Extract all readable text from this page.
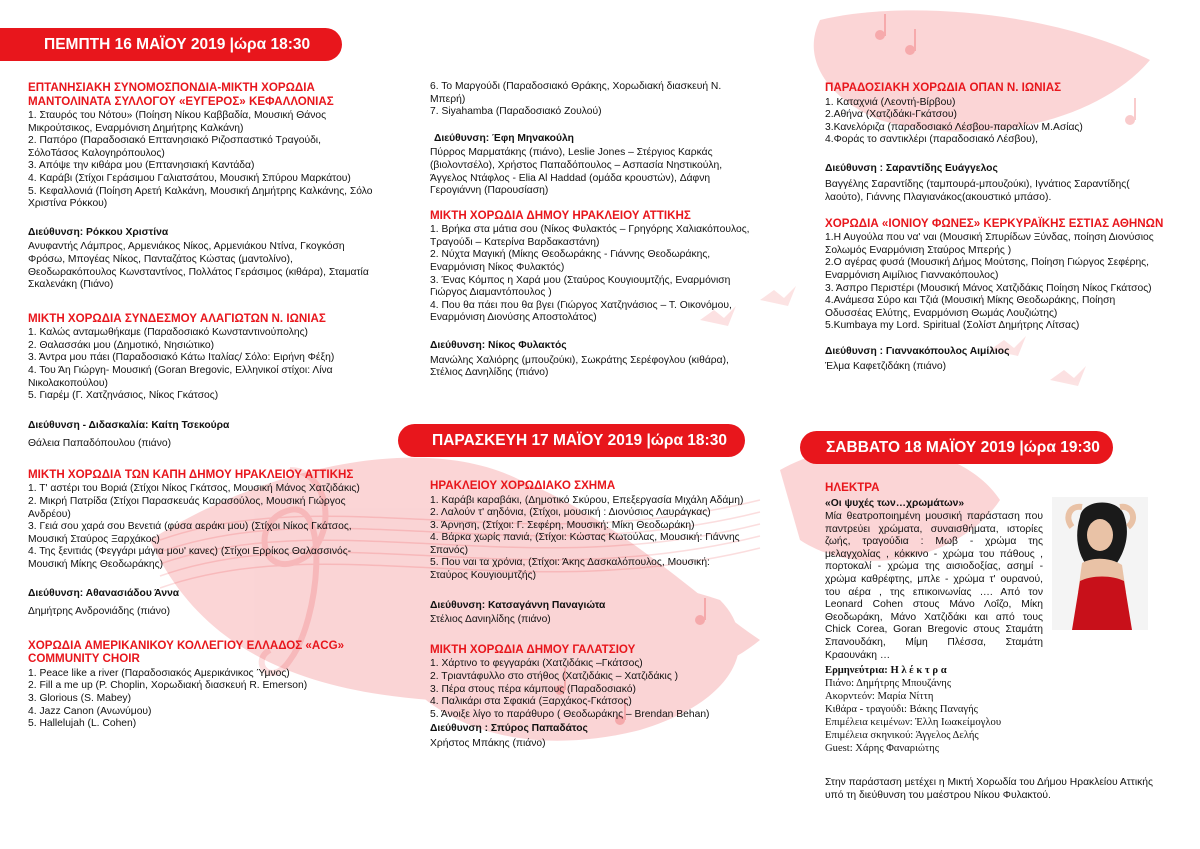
ΠΕΜΠΤΗ 16 ΜΑΪΟΥ 2019 |ώρα 18:30
ΠΑΡΑΣΚΕΥΗ 17 ΜΑΪΟΥ 2019 |ώρα 18:30	ΣΑΒΒΑΤΟ 18 ΜΑΪΟΥ 2019 |ώρα 19:30
ΕΠΤΑΝΗΣΙΑΚΗ ΣΥΝΟΜΟΣΠΟΝΔΙΑ-ΜΙΚΤΗ ΧΟΡΩΔΙΑ ΜΑΝΤΟΛΙΝΑΤΑ ΣΥΛΛΟΓΟΥ «ΕΥΓΕΡΟΣ» ΚΕΦΑΛΛΟΝΙΑΣ
1. Σταυρός του Νότου» (Ποίηση Νίκου Καββαδία, Μουσική Θάνος Μικρούτσικος, Εναρμόνιση Δημήτρης Καλκάνη)
2. Παπόρο (Παραδοσιακό Επτανησιακό Ριζοσπαστικό Τραγούδι, ΣόλοΤάσος Καλογηρόπουλος)
3. Απόψε την κιθάρα μου (Επτανησιακή Καντάδα)
4. Καράβι (Στίχοι Γεράσιμου Γαλιατσάτου, Μουσική Σπύρου Μαρκάτου)
5. Κεφαλλονιά (Ποίηση Αρετή Καλκάνη, Μουσική Δημήτρης Καλκάνης, Σόλο Χριστίνα Ρόκκου)
Διεύθυνση: Ρόκκου Χριστίνα
Ανυφαντής Λάμπρος, Αρμενιάκος Νίκος, Αρμενιάκου Ντίνα, Γκογκόση Φρόσω, Μπογέας Νίκος, Πανταζάτος Κώστας (μαντολίνο), Θεοδωρακόπουλος Κωνσταντίνος, Πολλάτος Γεράσιμος (κιθάρα), Σταματία Σκαλενάκη (Πιάνο)
ΜΙΚΤΗ ΧΟΡΩΔΙΑ ΣΥΝΔΕΣΜΟΥ ΑΛΑΓΙΩΤΩΝ Ν. ΙΩΝΙΑΣ
1. Καλώς ανταμωθήκαμε (Παραδοσιακό Κωνσταντινούπολης)
2. Θαλασσάκι μου (Δημοτικό, Νησιώτικο)
3. Άντρα μου πάει (Παραδοσιακό Κάτω Ιταλίας/ Σόλο: Ειρήνη Φέξη)
4. Του Άη Γιώργη- Μουσική (Goran Bregovic, Ελληνικοί στίχοι: Λίνα Νικολακοπούλου)
5. Γιαρέμ (Γ. Χατζηνάσιος, Νίκος Γκάτσος)
Διεύθυνση - Διδασκαλία: Καίτη Τσεκούρα
Θάλεια Παπαδόπουλου (πιάνο)
ΜΙΚΤΗ ΧΟΡΩΔΙΑ ΤΩΝ ΚΑΠΗ ΔΗΜΟΥ ΗΡΑΚΛΕΙΟΥ ΑΤΤΙΚΗΣ
1. Τ' αστέρι του Βοριά (Στίχοι Νίκος Γκάτσος, Μουσική Μάνος Χατζιδάκις)
2. Μικρή Πατρίδα (Στίχοι Παρασκευάς Καρασούλος, Μουσική Γιώργος Ανδρέου)
3. Γειά σου χαρά σου Βενετιά (φύσα αεράκι μου) (Στίχοι Νίκος Γκάτσος, Μουσική Σταύρος Ξαρχάκος)
4. Της ξενιτιάς (Φεγγάρι μάγια μου' κανες) (Στίχοι Ερρίκος Θαλασσινός-Μουσική Μίκης Θεοδωράκης)
Διεύθυνση: Αθανασιάδου Άννα
Δημήτρης Ανδρονιάδης (πιάνο)
ΧΟΡΩΔΙΑ ΑΜΕΡΙΚΑΝΙΚΟΥ ΚΟΛΛΕΓΙΟΥ ΕΛΛΑΔΟΣ «ACG» COMMUNITY CHOIR
1. Peace like a river (Παραδοσιακός Αμερικάνικος Ύμνος)
2. Fill a me up (P. Choplin, Χορωδιακή διασκευή R. Emerson)
3. Glorious (S. Mabey)
4. Jazz Canon (Ανωνύμου)
5. Hallelujah (L. Cohen)
6. Το Μαργούδι (Παραδοσιακό Θράκης, Χορωδιακή διασκευή Ν. Μπερή)
7. Siyahamba (Παραδοσιακό Ζουλού)
Διεύθυνση: Έφη Μηνακούλη
Πύρρος Μαρματάκης (πιάνο), Leslie Jones – Στέργιος Καρκάς (βιολοντσέλο), Χρήστος Παπαδόπουλος – Ασπασία Νηστικούλη, Άγγελος Ντάφλος - Elia Al Haddad (ομάδα κρουστών), Δάφνη Γερογιάννη (Παρουσίαση)
ΜΙΚΤΗ ΧΟΡΩΔΙΑ ΔΗΜΟΥ ΗΡΑΚΛΕΙΟΥ ΑΤΤΙΚΗΣ
1. Βρήκα στα μάτια σου (Νίκος Φυλακτός – Γρηγόρης Χαλιακόπουλος, Τραγούδι – Κατερίνα Βαρδακαστάνη)
2. Νύχτα Μαγική (Μίκης Θεοδωράκης - Γιάννης Θεοδωράκης, Εναρμόνιση Νίκος Φυλακτός)
3. Ένας Κόμπος η Χαρά μου (Σταύρος Κουγιουμτζής, Εναρμόνιση Γιώργος Διαμαντόπουλος )
4. Που θα πάει που θα βγει (Γιώργος Χατζηνάσιος – Τ. Οικονόμου, Εναρμόνιση Διονύσης Αποστολάτος)
Διεύθυνση: Νίκος Φυλακτός
Μανώλης Χαλιόρης (μπουζούκι), Σωκράτης Σερέφογλου (κιθάρα), Στέλιος Δανηλίδης (πιάνο)
ΗΡΑΚΛΕΙΟΥ ΧΟΡΩΔΙΑΚΟ ΣΧΗΜΑ
1. Καράβι καραβάκι, (Δημοτικό Σκύρου, Επεξεργασία Μιχάλη Αδάμη)
2. Λαλούν τ' αηδόνια, (Στίχοι, μουσική : Διονύσιος Λαυράγκας)
3. Άρνηση, (Στίχοι: Γ. Σεφέρη, Μουσική: Μίκη Θεοδωράκη)
4. Βάρκα χωρίς πανιά, (Στίχοι: Κώστας Κωτούλας, Μουσική: Γιάννης Σπανός)
5. Που ναι τα χρόνια, (Στίχοι: Άκης Δασκαλόπουλος, Μουσική: Σταύρος Κουγιουμτζής)
Διεύθυνση: Κατσαγάννη Παναγιώτα
Στέλιος Δανιηλίδης (πιάνο)
ΜΙΚΤΗ ΧΟΡΩΔΙΑ ΔΗΜΟΥ ΓΑΛΑΤΣΙΟΥ
1. Χάρτινο το φεγγαράκι (Χατζιδάκις –Γκάτσος)
2. Τριαντάφυλλο στο στήθος (Χατζιδάκις – Χατζιδάκις )
3. Πέρα στους πέρα κάμπους (Παραδοσιακό)
4. Παλικάρι στα Σφακιά (Ξαρχάκος-Γκάτσος)
5. Άνοιξε λίγο το παράθυρο ( Θεοδωράκης – Brendan Behan)
Διεύθυνση : Σπύρος Παπαδάτος
Χρήστος Μπάκης (πιάνο)
ΠΑΡΑΔΟΣΙΑΚΗ ΧΟΡΩΔΙΑ ΟΠΑΝ Ν. ΙΩΝΙΑΣ
1. Καταχνιά (Λεοντή-Βίρβου)
2.Αθήνα (Χατζιδάκι-Γκάτσου)
3.Κανελόριζα (παραδοσιακό Λέσβου-παραλίων Μ.Ασίας)
4.Φοράς το σαντικλέρι (παραδοσιακό Λέσβου),
Διεύθυνση : Σαραντίδης Ευάγγελος
Βαγγέλης Σαραντίδης (ταμπουρά-μπουζούκι), Ιγνάτιος Σαραντίδης( λαούτο), Γιάννης Πλαγιανάκος(ακουστικό μπάσο).
ΧΟΡΩΔΙΑ «ΙΟΝΙΟΥ ΦΩΝΕΣ» ΚΕΡΚΥΡΑΪΚΗΣ ΕΣΤΙΑΣ ΑΘΗΝΩΝ
1.Η Αυγούλα που να' ναι (Μουσική Σπυρίδων Ξύνδας, ποίηση Διονύσιος Σολωμός Εναρμόνιση Σταύρος Μπερής )
2.Ο αγέρας φυσά (Μουσική Δήμος Μούτσης, Ποίηση Γιώργος Σεφέρης, Εναρμόνιση Αιμίλιος Γιαννακόπουλος)
3. Άσπρο Περιστέρι (Μουσική Μάνος Χατζιδάκις Ποίηση Νίκος Γκάτσος)
4.Ανάμεσα Σύρο και Τζιά (Μουσική Μίκης Θεοδωράκης, Ποίηση Οδυσσέας Ελύτης, Εναρμόνιση Θωμάς Λουζιώτης)
5.Kumbaya my Lord. Spiritual (Σολίστ Δημήτρης Λίτσας)
Διεύθυνση : Γιαννακόπουλος Αιμίλιος
Έλμα Καφετζιδάκη (πιάνο)
ΗΛΕΚΤΡΑ
«Οι ψυχές των…χρωμάτων»
Μία θεατροποιημένη μουσική παράσταση που παντρεύει χρώματα, συναισθήματα, ιστορίες ζωής, τραγούδια : Μωβ - χρώμα της μελαγχολίας , κόκκινο - χρώμα του πάθους , πορτοκαλί - χρώμα της αισιοδοξίας, ασημί - χρώμα καθρέφτης, μπλε - χρώμα τ' ουρανού, του αέρα , της επικοινωνίας …. Από τον Leonard Cohen στους Μάνο Λοΐζο, Μίκη Θεοδωράκη, Μάνο Χατζιδάκι και από τους Chick Corea, Goran Bregovic στους Σταμάτη Σπανουδάκη, Μίμη Πλέσσα, Σταμάτη Κραουνάκη …
Ερμηνεύτρια: Η λ έ κ τ ρ α
Πιάνο: Δημήτρης Μπουζάνης
Ακορντεόν: Μαρία Νίττη
Κιθάρα - τραγούδι: Βάκης Παναγής
Επιμέλεια κειμένων: Έλλη Ιωακείμογλου
Επιμέλεια σκηνικού: Άγγελος Δελής
Guest: Χάρης Φαναριώτης
Στην παράσταση μετέχει η Μικτή Χορωδία του Δήμου Ηρακλείου Αττικής υπό τη διεύθυνση του μαέστρου Νίκου Φυλακτού.
